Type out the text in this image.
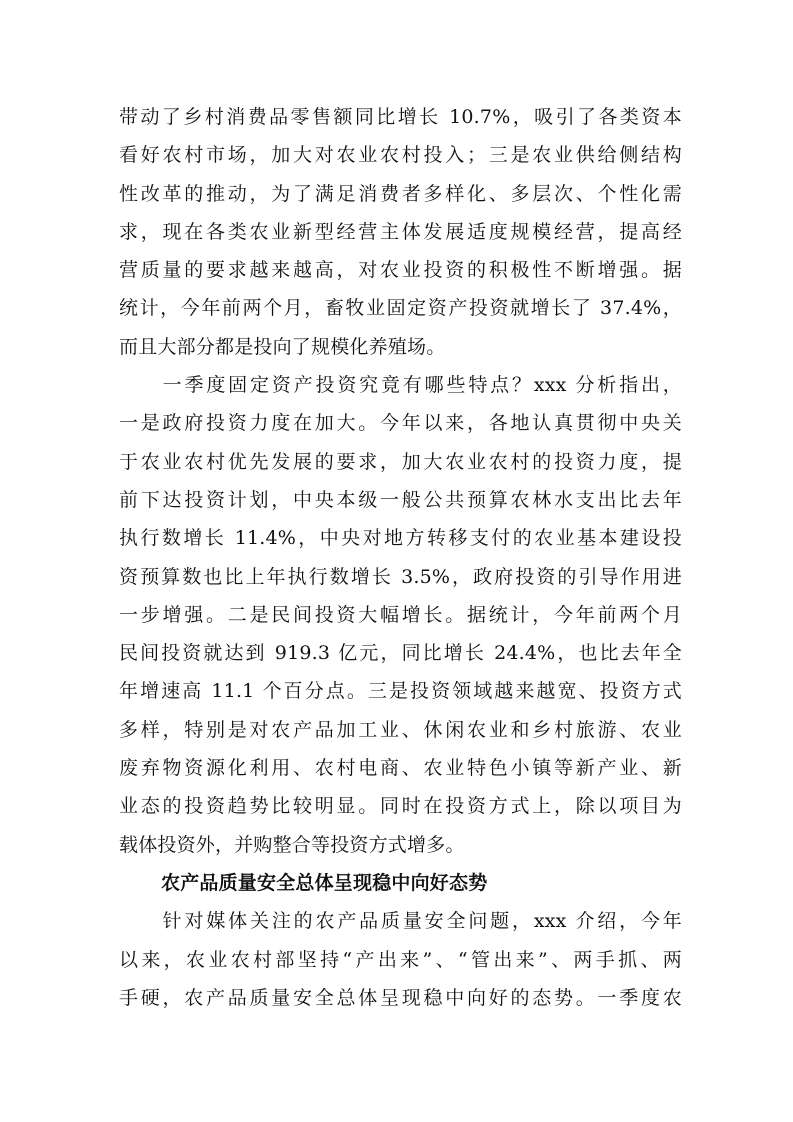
带动了乡村消费品零售额同比增长 10.7%，吸引了各类资本
看好农村市场，加大对农业农村投入；三是农业供给侧结构
性改革的推动，为了满足消费者多样化、多层次、个性化需
求，现在各类农业新型经营主体发展适度规模经营，提高经
营质量的要求越来越高，对农业投资的积极性不断增强。据
统计，今年前两个月，畜牧业固定资产投资就增长了 37.4%，
而且大部分都是投向了规模化养殖场。
　　一季度固定资产投资究竟有哪些特点？xxx 分析指出，
一是政府投资力度在加大。今年以来，各地认真贯彻中央关
于农业农村优先发展的要求，加大农业农村的投资力度，提
前下达投资计划，中央本级一般公共预算农林水支出比去年
执行数增长 11.4%，中央对地方转移支付的农业基本建设投
资预算数也比上年执行数增长 3.5%，政府投资的引导作用进
一步增强。二是民间投资大幅增长。据统计，今年前两个月
民间投资就达到 919.3 亿元，同比增长 24.4%，也比去年全
年增速高 11.1 个百分点。三是投资领域越来越宽、投资方式
多样，特别是对农产品加工业、休闲农业和乡村旅游、农业
废弃物资源化利用、农村电商、农业特色小镇等新产业、新
业态的投资趋势比较明显。同时在投资方式上，除以项目为
载体投资外，并购整合等投资方式增多。
农产品质量安全总体呈现稳中向好态势
　　针对媒体关注的农产品质量安全问题，xxx 介绍，今年
以来，农业农村部坚持“产出来”、“管出来”、两手抓、两
手硬，农产品质量安全总体呈现稳中向好的态势。一季度农
